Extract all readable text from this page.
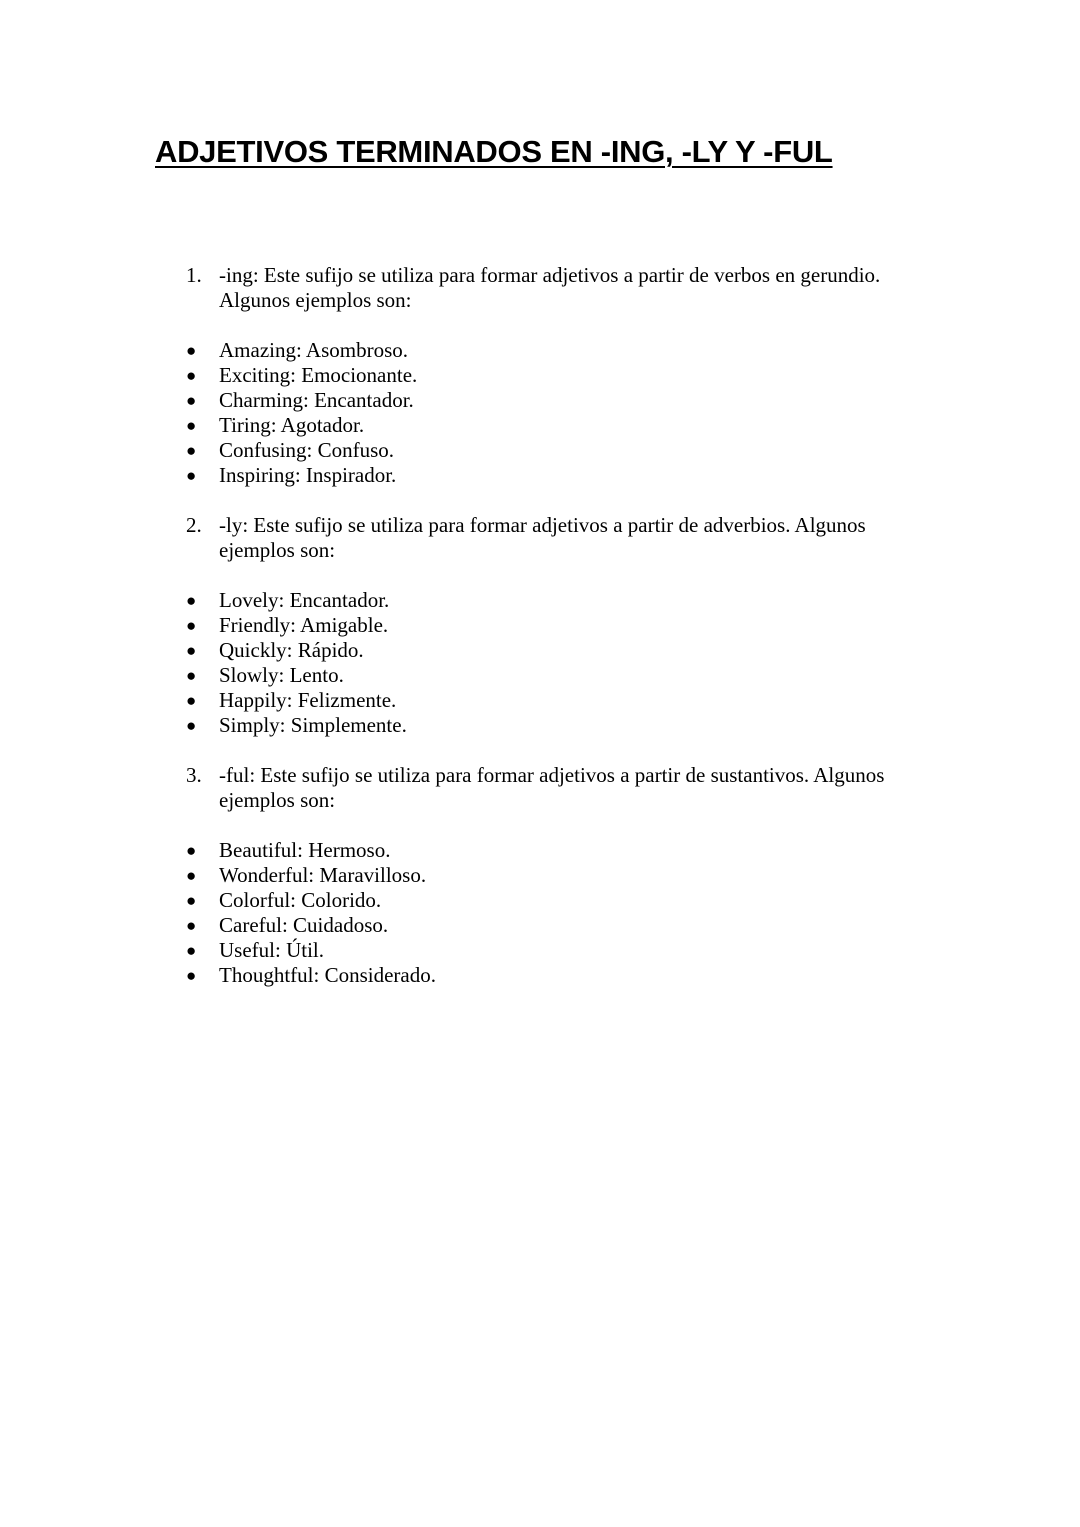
ADJETIVOS TERMINADOS EN -ING, -LY Y -FUL
1. -ing: Este sufijo se utiliza para formar adjetivos a partir de verbos en gerundio. Algunos ejemplos son:
● Amazing: Asombroso.
● Exciting: Emocionante.
● Charming: Encantador.
● Tiring: Agotador.
● Confusing: Confuso.
● Inspiring: Inspirador.
2. -ly: Este sufijo se utiliza para formar adjetivos a partir de adverbios. Algunos ejemplos son:
● Lovely: Encantador.
● Friendly: Amigable.
● Quickly: Rápido.
● Slowly: Lento.
● Happily: Felizmente.
● Simply: Simplemente.
3. -ful: Este sufijo se utiliza para formar adjetivos a partir de sustantivos. Algunos ejemplos son:
● Beautiful: Hermoso.
● Wonderful: Maravilloso.
● Colorful: Colorido.
● Careful: Cuidadoso.
● Useful: Útil.
● Thoughtful: Considerado.
